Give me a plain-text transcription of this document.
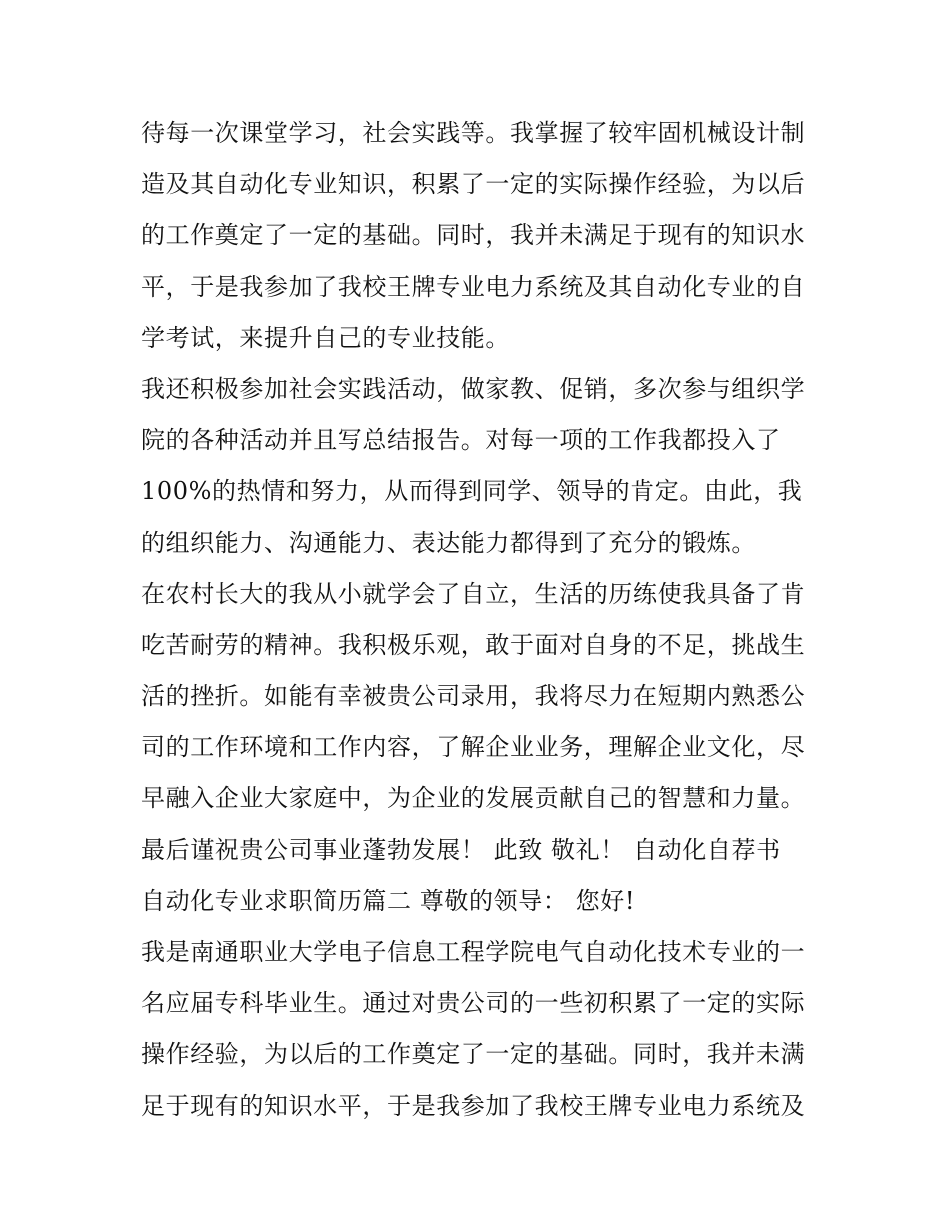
待每一次课堂学习，社会实践等。我掌握了较牢固机械设计制
造及其自动化专业知识，积累了一定的实际操作经验，为以后
的工作奠定了一定的基础。同时，我并未满足于现有的知识水
平，于是我参加了我校王牌专业电力系统及其自动化专业的自
学考试，来提升自己的专业技能。
我还积极参加社会实践活动，做家教、促销，多次参与组织学
院的各种活动并且写总结报告。对每一项的工作我都投入了
100%的热情和努力，从而得到同学、领导的肯定。由此，我
的组织能力、沟通能力、表达能力都得到了充分的锻炼。
在农村长大的我从小就学会了自立，生活的历练使我具备了肯
吃苦耐劳的精神。我积极乐观，敢于面对自身的不足，挑战生
活的挫折。如能有幸被贵公司录用，我将尽力在短期内熟悉公
司的工作环境和工作内容，了解企业业务，理解企业文化，尽
早融入企业大家庭中，为企业的发展贡献自己的智慧和力量。
最后谨祝贵公司事业蓬勃发展！ 此致 敬礼！ 自动化自荐书
自动化专业求职简历篇二 尊敬的领导： 您好!
我是南通职业大学电子信息工程学院电气自动化技术专业的一
名应届专科毕业生。通过对贵公司的一些初积累了一定的实际
操作经验，为以后的工作奠定了一定的基础。同时，我并未满
足于现有的知识水平，于是我参加了我校王牌专业电力系统及
